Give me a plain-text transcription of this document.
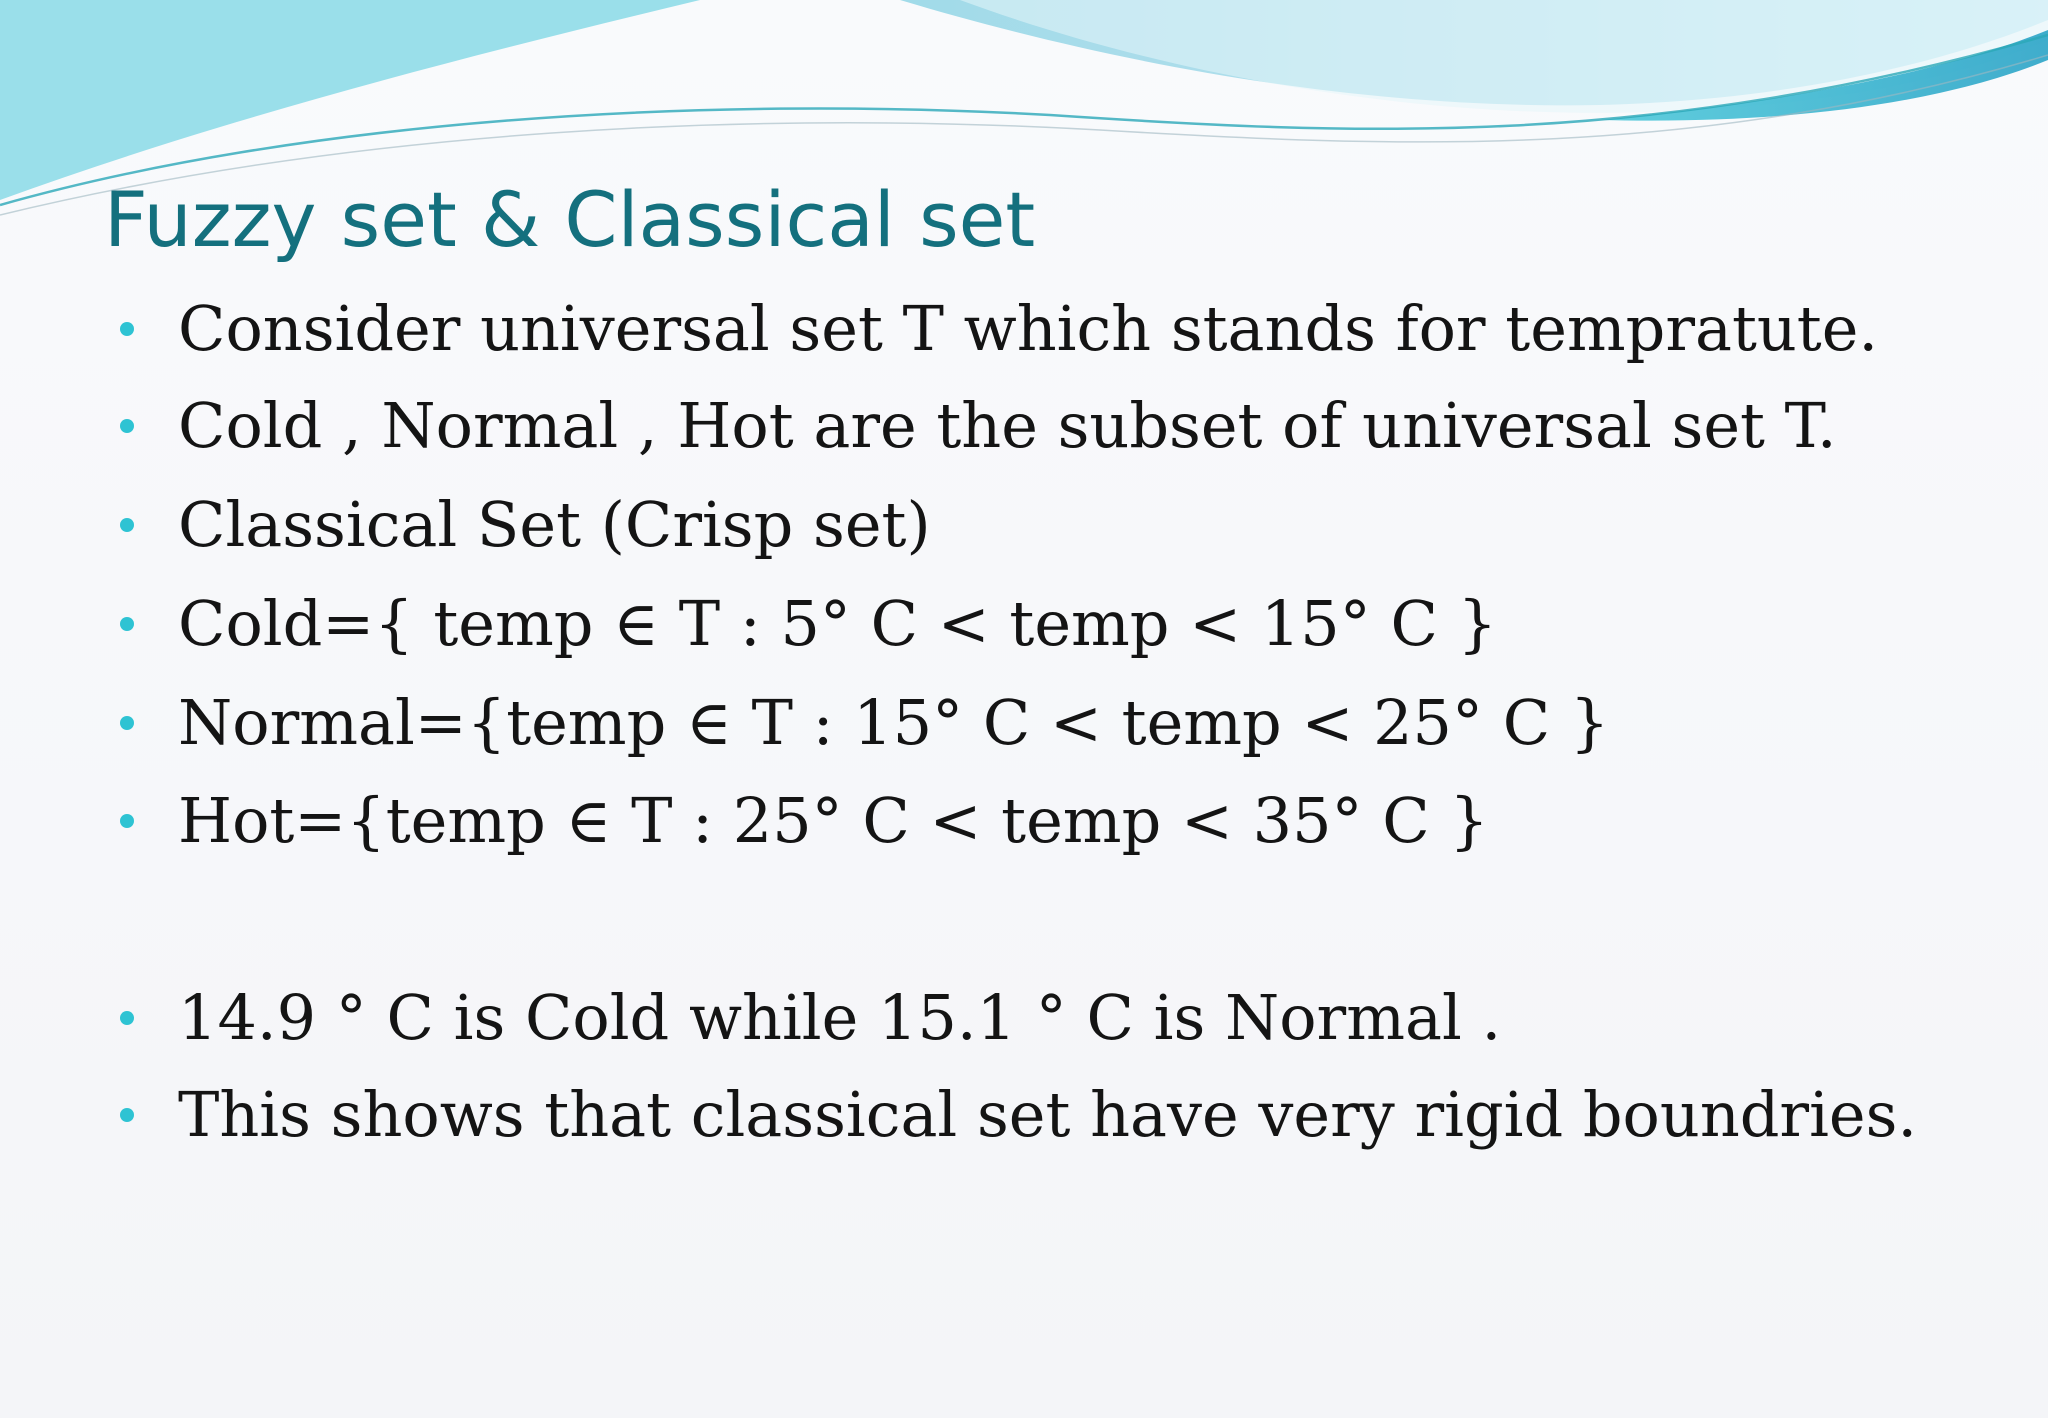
Fuzzy set & Classical set
Consider universal set T which stands for tempratute.
Cold , Normal , Hot are the subset of universal set T.
Classical Set (Crisp set)
Cold={ temp ∈ T : 5° C < temp < 15° C }
Normal={temp ∈ T : 15° C < temp < 25° C }
Hot={temp ∈ T : 25° C < temp < 35° C }
14.9 ° C is Cold while 15.1 ° C is Normal .
This shows that classical set have very rigid boundries.
